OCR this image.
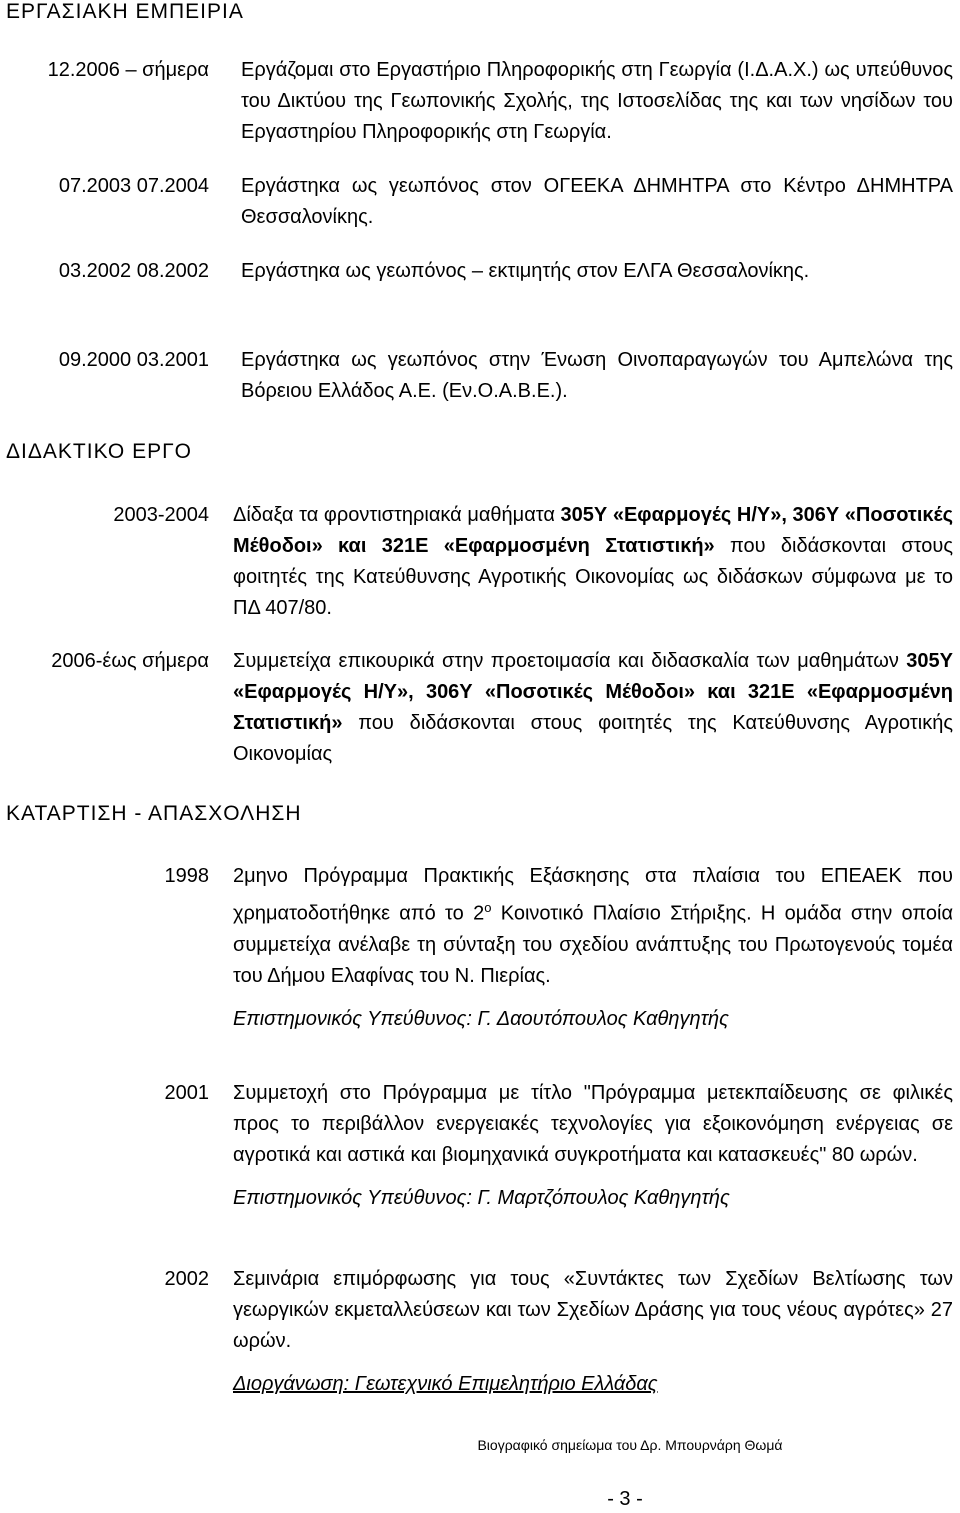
ΕΡΓΑΣΙΑΚΗ ΕΜΠΕΙΡΙΑ
12.2006 – σήμερα Εργάζομαι στο Εργαστήριο Πληροφορικής στη Γεωργία (Ι.Δ.Α.Χ.) ως υπεύθυνος του Δικτύου της Γεωπονικής Σχολής, της Ιστοσελίδας της και των νησίδων του Εργαστηρίου Πληροφορικής στη Γεωργία.
07.2003 07.2004 Εργάστηκα ως γεωπόνος στον ΟΓΕΕΚΑ ΔΗΜΗΤΡΑ στο Κέντρο ΔΗΜΗΤΡΑ Θεσσαλονίκης.
03.2002 08.2002 Εργάστηκα ως γεωπόνος – εκτιμητής στον ΕΛΓΑ Θεσσαλονίκης.
09.2000 03.2001 Εργάστηκα ως γεωπόνος στην Ένωση Οινοπαραγωγών του Αμπελώνα της Βόρειου Ελλάδος Α.Ε. (Εν.Ο.Α.Β.Ε.).
ΔΙΔΑΚΤΙΚΟ ΕΡΓΟ
2003-2004 Δίδαξα τα φροντιστηριακά μαθήματα 305Υ «Εφαρμογές Η/Υ», 306Υ «Ποσοτικές Μέθοδοι» και 321Ε «Εφαρμοσμένη Στατιστική» που διδάσκονται στους φοιτητές της Κατεύθυνσης Αγροτικής Οικονομίας ως διδάσκων σύμφωνα με το ΠΔ 407/80.
2006-έως σήμερα Συμμετείχα επικουρικά στην προετοιμασία και διδασκαλία των μαθημάτων 305Υ «Εφαρμογές Η/Υ», 306Υ «Ποσοτικές Μέθοδοι» και 321Ε «Εφαρμοσμένη Στατιστική» που διδάσκονται στους φοιτητές της Κατεύθυνσης Αγροτικής Οικονομίας
ΚΑΤΑΡΤΙΣΗ - ΑΠΑΣΧΟΛΗΣΗ
1998 2μηνο Πρόγραμμα Πρακτικής Εξάσκησης στα πλαίσια του ΕΠΕΑΕΚ που χρηματοδοτήθηκε από το $2^o$ Κοινοτικό Πλαίσιο Στήριξης. Η ομάδα στην οποία συμμετείχα ανέλαβε τη σύνταξη του σχεδίου ανάπτυξης του Πρωτογενούς τομέα του Δήμου Ελαφίνας του Ν. Πιερίας.
Επιστημονικός Υπεύθυνος: Γ. Δαουτόπουλος Καθηγητής
2001 Συμμετοχή στο Πρόγραμμα με τίτλο "Πρόγραμμα μετεκπαίδευσης σε φιλικές προς το περιβάλλον ενεργειακές τεχνολογίες για εξοικονόμηση ενέργειας σε αγροτικά και αστικά και βιομηχανικά συγκροτήματα και κατασκευές" 80 ωρών.
Επιστημονικός Υπεύθυνος: Γ. Μαρτζόπουλος Καθηγητής
2002 Σεμινάρια επιμόρφωσης για τους «Συντάκτες των Σχεδίων Βελτίωσης των γεωργικών εκμεταλλεύσεων και των Σχεδίων Δράσης για τους νέους αγρότες» 27 ωρών.
Διοργάνωση: Γεωτεχνικό Επιμελητήριο Ελλάδας
Βιογραφικό σημείωμα του Δρ. Μπουρνάρη Θωμά
- 3 -
